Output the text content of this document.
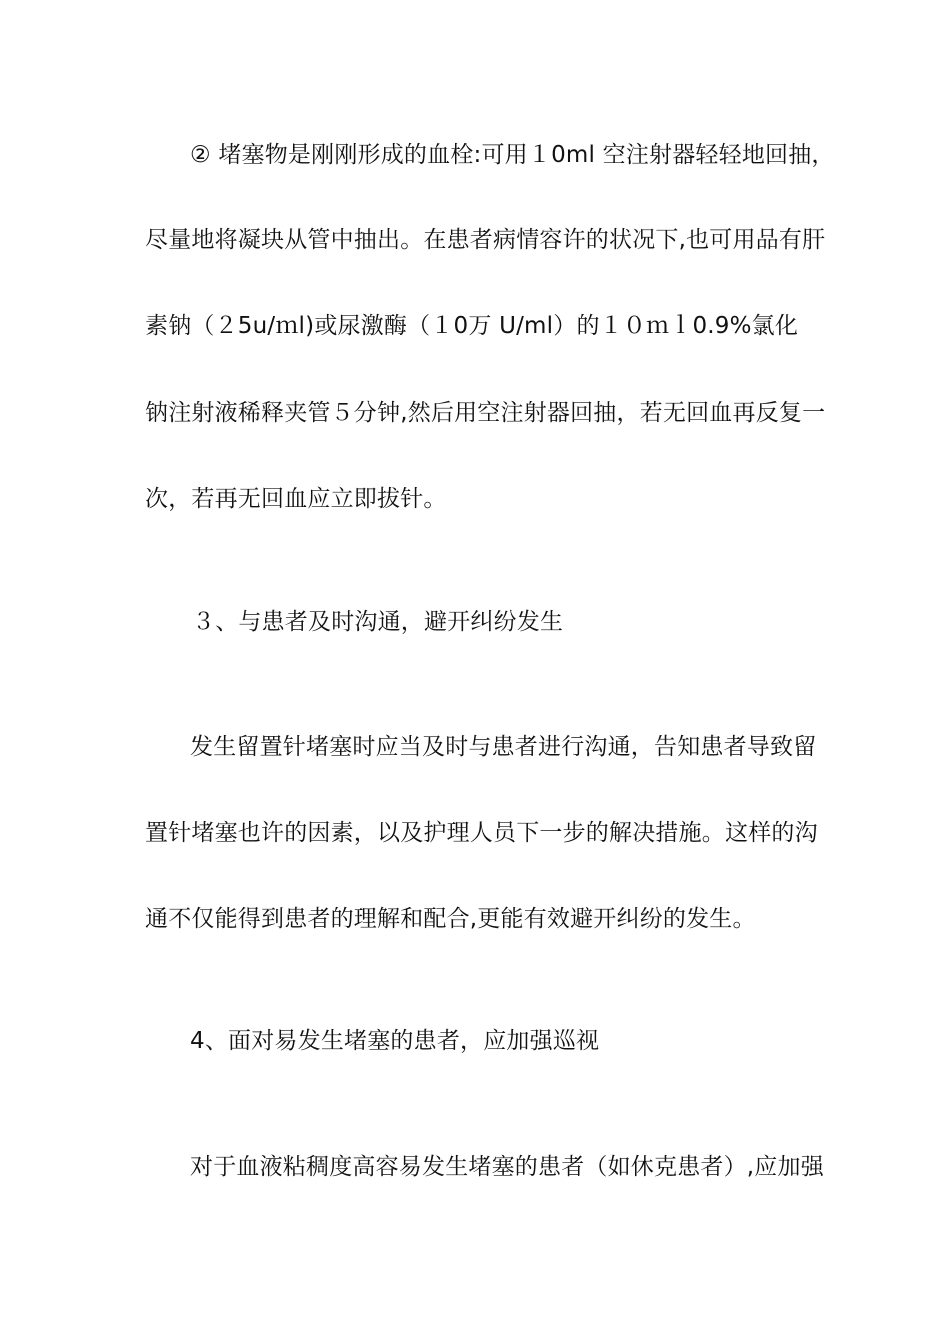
② 堵塞物是刚刚形成的血栓:可用１0ml 空注射器轻轻地回抽，
尽量地将凝块从管中抽出。在患者病情容许的状况下,也可用品有肝
素钠（２5u/ｍl)或尿激酶（１0万 U/ml）的１０ｍｌ0.9%氯化
钠注射液稀释夹管５分钟,然后用空注射器回抽，若无回血再反复一
次，若再无回血应立即拔针。
３、与患者及时沟通，避开纠纷发生
发生留置针堵塞时应当及时与患者进行沟通，告知患者导致留
置针堵塞也许的因素，以及护理人员下一步的解决措施。这样的沟
通不仅能得到患者的理解和配合,更能有效避开纠纷的发生。
4、面对易发生堵塞的患者，应加强巡视
对于血液粘稠度高容易发生堵塞的患者（如休克患者）,应加强
